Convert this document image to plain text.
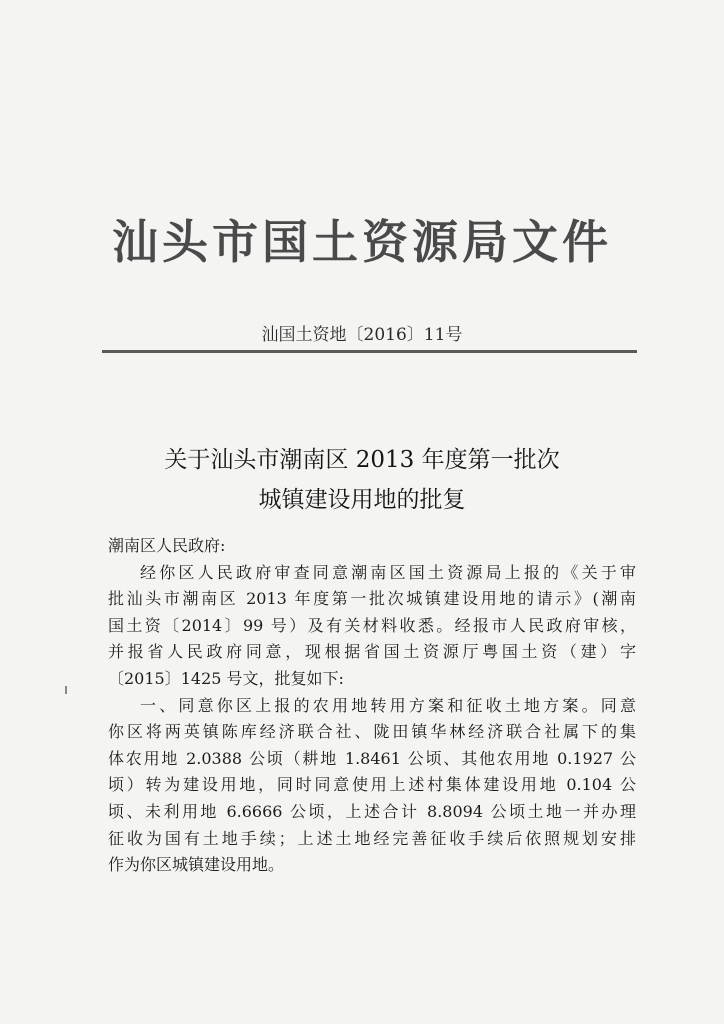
汕头市国土资源局文件
汕国土资地〔2016〕11号
关于汕头市潮南区 2013 年度第一批次
城镇建设用地的批复
潮南区人民政府:
经你区人民政府审查同意潮南区国土资源局上报的《关于审
批汕头市潮南区 2013 年度第一批次城镇建设用地的请示》(潮南
国土资〔2014〕99 号）及有关材料收悉。经报市人民政府审核，
并报省人民政府同意，现根据省国土资源厅粤国土资（建）字
〔2015〕1425 号文，批复如下:
一、同意你区上报的农用地转用方案和征收土地方案。同意
你区将两英镇陈库经济联合社、陇田镇华林经济联合社属下的集
体农用地 2.0388 公顷（耕地 1.8461 公顷、其他农用地 0.1927 公
顷）转为建设用地，同时同意使用上述村集体建设用地 0.104 公
顷、未利用地 6.6666 公顷，上述合计 8.8094 公顷土地一并办理
征收为国有土地手续；上述土地经完善征收手续后依照规划安排
作为你区城镇建设用地。
